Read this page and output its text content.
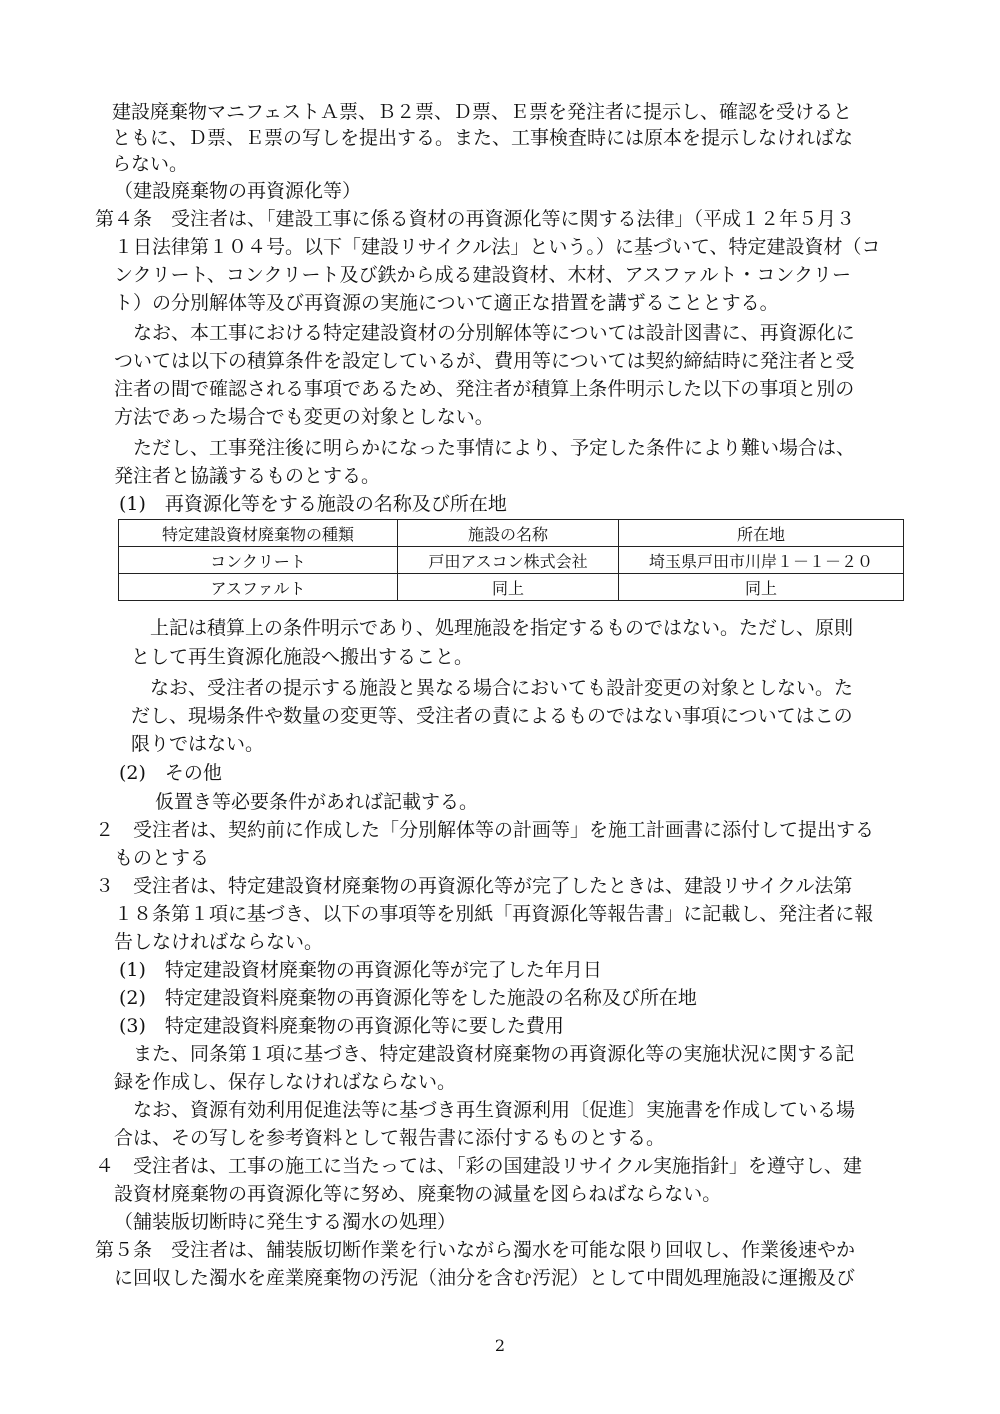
建設廃棄物マニフェストＡ票、Ｂ２票、Ｄ票、Ｅ票を発注者に提示し、確認を受けると
ともに、Ｄ票、Ｅ票の写しを提出する。また、工事検査時には原本を提示しなければな
らない。
（建設廃棄物の再資源化等）
第４条　受注者は、「建設工事に係る資材の再資源化等に関する法律」（平成１２年５月３
１日法律第１０４号。以下「建設リサイクル法」という。）に基づいて、特定建設資材（コ
ンクリート、コンクリート及び鉄から成る建設資材、木材、アスファルト・コンクリー
ト）の分別解体等及び再資源の実施について適正な措置を講ずることとする。
なお、本工事における特定建設資材の分別解体等については設計図書に、再資源化に
ついては以下の積算条件を設定しているが、費用等については契約締結時に発注者と受
注者の間で確認される事項であるため、発注者が積算上条件明示した以下の事項と別の
方法であった場合でも変更の対象としない。
ただし、工事発注後に明らかになった事情により、予定した条件により難い場合は、
発注者と協議するものとする。
(1)　再資源化等をする施設の名称及び所在地
特定建設資材廃棄物の種類	施設の名称	所在地
コンクリート	戸田アスコン株式会社	埼玉県戸田市川岸１－１－２０
アスファルト	同上	同上
上記は積算上の条件明示であり、処理施設を指定するものではない。ただし、原則
として再生資源化施設へ搬出すること。
なお、受注者の提示する施設と異なる場合においても設計変更の対象としない。た
だし、現場条件や数量の変更等、受注者の責によるものではない事項についてはこの
限りではない。
(2)　その他
仮置き等必要条件があれば記載する。
２　受注者は、契約前に作成した「分別解体等の計画等」を施工計画書に添付して提出する
ものとする
３　受注者は、特定建設資材廃棄物の再資源化等が完了したときは、建設リサイクル法第
１８条第１項に基づき、以下の事項等を別紙「再資源化等報告書」に記載し、発注者に報
告しなければならない。
(1)　特定建設資材廃棄物の再資源化等が完了した年月日
(2)　特定建設資料廃棄物の再資源化等をした施設の名称及び所在地
(3)　特定建設資料廃棄物の再資源化等に要した費用
また、同条第１項に基づき、特定建設資材廃棄物の再資源化等の実施状況に関する記
録を作成し、保存しなければならない。
なお、資源有効利用促進法等に基づき再生資源利用〔促進〕実施書を作成している場
合は、その写しを参考資料として報告書に添付するものとする。
４　受注者は、工事の施工に当たっては、「彩の国建設リサイクル実施指針」を遵守し、建
設資材廃棄物の再資源化等に努め、廃棄物の減量を図らねばならない。
（舗装版切断時に発生する濁水の処理）
第５条　受注者は、舗装版切断作業を行いながら濁水を可能な限り回収し、作業後速やか
に回収した濁水を産業廃棄物の汚泥（油分を含む汚泥）として中間処理施設に運搬及び
2
